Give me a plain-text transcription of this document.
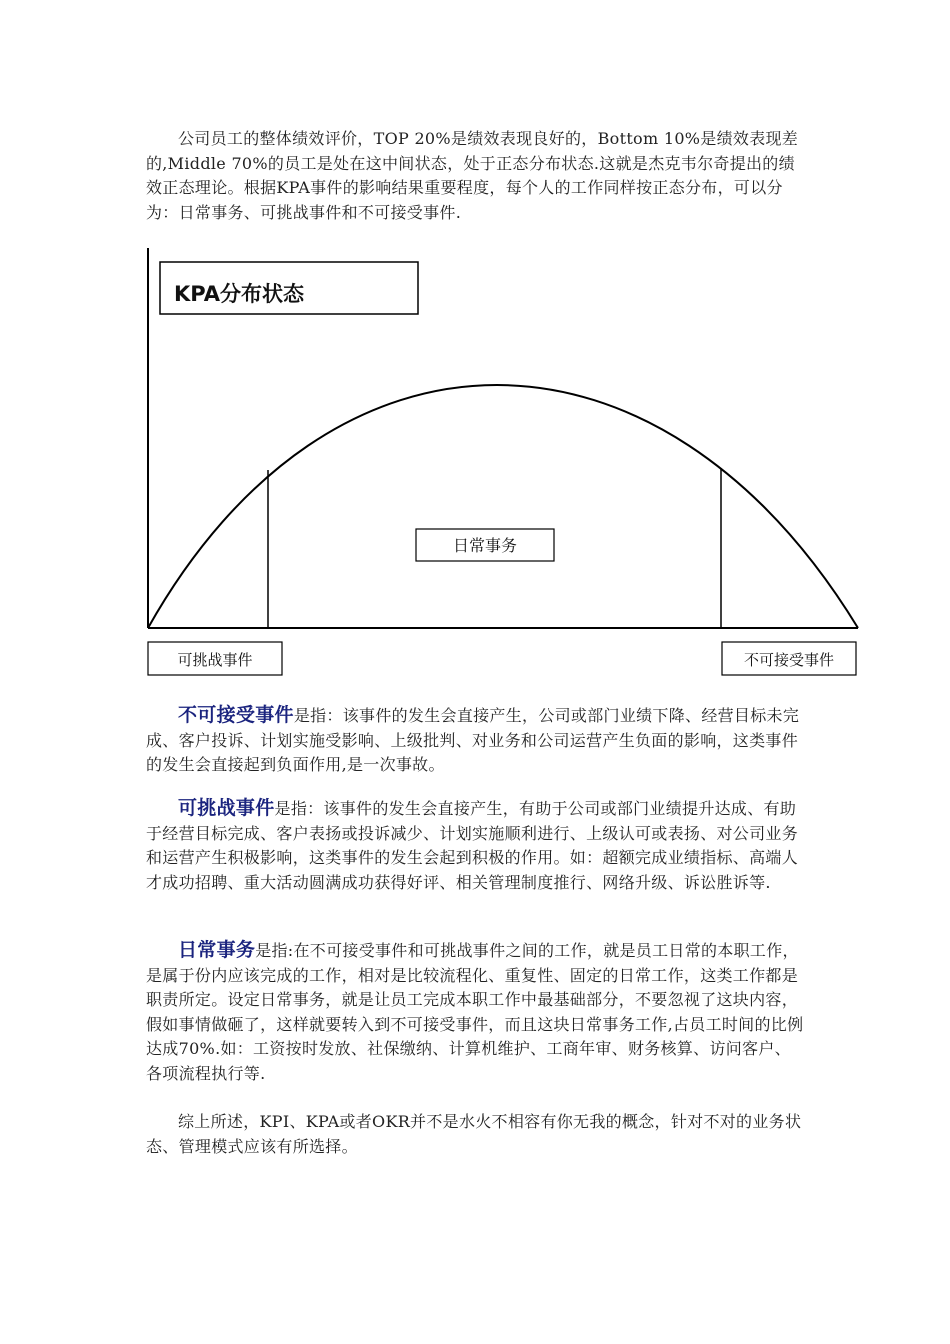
公司员工的整体绩效评价，TOP 20%是绩效表现良好的，Bottom 10%是绩效表现差的,Middle 70%的员工是处在这中间状态，处于正态分布状态.这就是杰克韦尔奇提出的绩效正态理论。根据KPA事件的影响结果重要程度，每个人的工作同样按正态分布，可以分为：日常事务、可挑战事件和不可接受事件.

KPA分布状态
日常事务
可挑战事件	不可接受事件

不可接受事件是指：该事件的发生会直接产生，公司或部门业绩下降、经营目标未完成、客户投诉、计划实施受影响、上级批判、对业务和公司运营产生负面的影响，这类事件的发生会直接起到负面作用,是一次事故。

可挑战事件是指：该事件的发生会直接产生，有助于公司或部门业绩提升达成、有助于经营目标完成、客户表扬或投诉减少、计划实施顺利进行、上级认可或表扬、对公司业务和运营产生积极影响，这类事件的发生会起到积极的作用。如：超额完成业绩指标、高端人才成功招聘、重大活动圆满成功获得好评、相关管理制度推行、网络升级、诉讼胜诉等.

日常事务是指:在不可接受事件和可挑战事件之间的工作，就是员工日常的本职工作，是属于份内应该完成的工作，相对是比较流程化、重复性、固定的日常工作，这类工作都是职责所定。设定日常事务，就是让员工完成本职工作中最基础部分，不要忽视了这块内容，假如事情做砸了，这样就要转入到不可接受事件，而且这块日常事务工作,占员工时间的比例达成70%.如：工资按时发放、社保缴纳、计算机维护、工商年审、财务核算、访问客户、各项流程执行等.

综上所述，KPI、KPA或者OKR并不是水火不相容有你无我的概念，针对不对的业务状态、管理模式应该有所选择。
